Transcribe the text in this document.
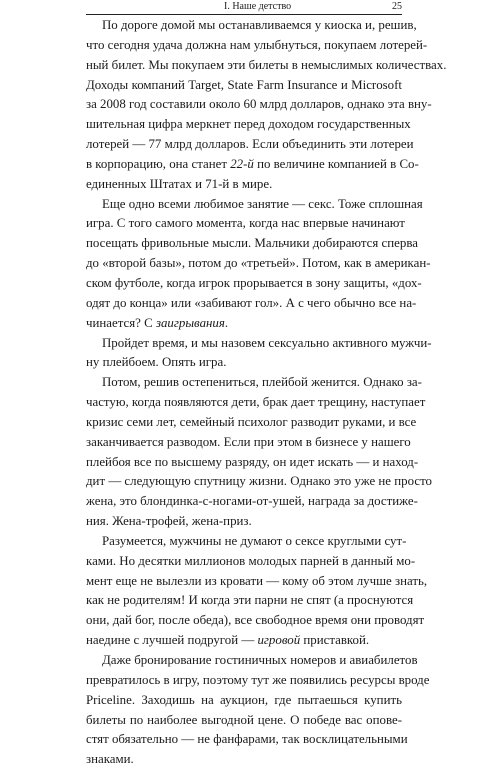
I. Наше детство	25

По дороге домой мы останавливаемся у киоска и, решив,
что сегодня удача должна нам улыбнуться, покупаем лотерей-
ный билет. Мы покупаем эти билеты в немыслимых количествах.
Доходы компаний Target, State Farm Insurance и Microsoft
за 2008 год составили около 60 млрд долларов, однако эта вну-
шительная цифра меркнет перед доходом государственных
лотерей — 77 млрд долларов. Если объединить эти лотереи
в корпорацию, она станет 22-й по величине компанией в Со-
единенных Штатах и 71-й в мире.

Еще одно всеми любимое занятие — секс. Тоже сплошная
игра. С того самого момента, когда нас впервые начинают
посещать фривольные мысли. Мальчики добираются сперва
до «второй базы», потом до «третьей». Потом, как в американ-
ском футболе, когда игрок прорывается в зону защиты, «дох-
одят до конца» или «забивают гол». А с чего обычно все на-
чинается? С заигрывания.

Пройдет время, и мы назовем сексуально активного мужчи-
ну плейбоем. Опять игра.

Потом, решив остепениться, плейбой женится. Однако за-
частую, когда появляются дети, брак дает трещину, наступает
кризис семи лет, семейный психолог разводит руками, и все
заканчивается разводом. Если при этом в бизнесе у нашего
плейбоя все по высшему разряду, он идет искать — и наход-
дит — следующую спутницу жизни. Однако это уже не просто
жена, это блондинка-с-ногами-от-ушей, награда за достиже-
ния. Жена-трофей, жена-приз.

Разумеется, мужчины не думают о сексе круглыми сут-
ками. Но десятки миллионов молодых парней в данный мо-
мент еще не вылезли из кровати — кому об этом лучше знать,
как не родителям! И когда эти парни не спят (а проснуются
они, дай бог, после обеда), все свободное время они проводят
наедине с лучшей подругой — игровой приставкой.

Даже бронирование гостиничных номеров и авиабилетов
превратилось в игру, поэтому тут же появились ресурсы вроде
Priceline. Заходишь на аукцион, где пытаешься купить
билеты по наиболее выгодной цене. О победе вас опове-
стят обязательно — не фанфарами, так восклицательными
знаками.
